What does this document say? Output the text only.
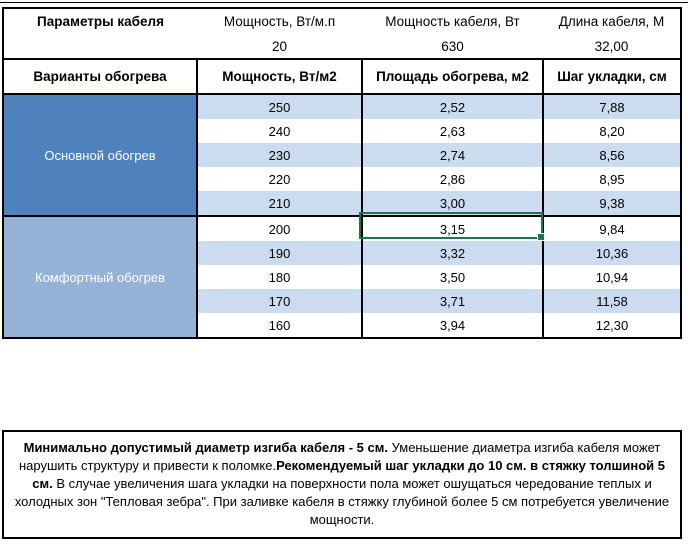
Параметры кабеля	Мощность, Вт/м.п	Мощность кабеля, Вт	Длина кабеля, М
	20	630	32,00
Варианты обогрева	Мощность, Вт/м2	Площадь обогрева, м2	Шаг укладки, см
Основной обогрев	250	2,52	7,88
	240	2,63	8,20
	230	2,74	8,56
	220	2,86	8,95
	210	3,00	9,38
Комфортный обогрев	200	3,15	9,84
	190	3,32	10,36
	180	3,50	10,94
	170	3,71	11,58
	160	3,94	12,30
Минимально допустимый диаметр изгиба кабеля - 5 см. Уменьшение диаметра изгиба кабеля может нарушить структуру и привести к поломке.Рекомендуемый шаг укладки до 10 см. в стяжку толшиной 5 см. В случае увеличения шага укладки на поверхности пола может ошущаться чередование теплых и холодных зон "Тепловая зебра". При заливке кабеля в стяжку глубиной более 5 см потребуется увеличение мощности.
